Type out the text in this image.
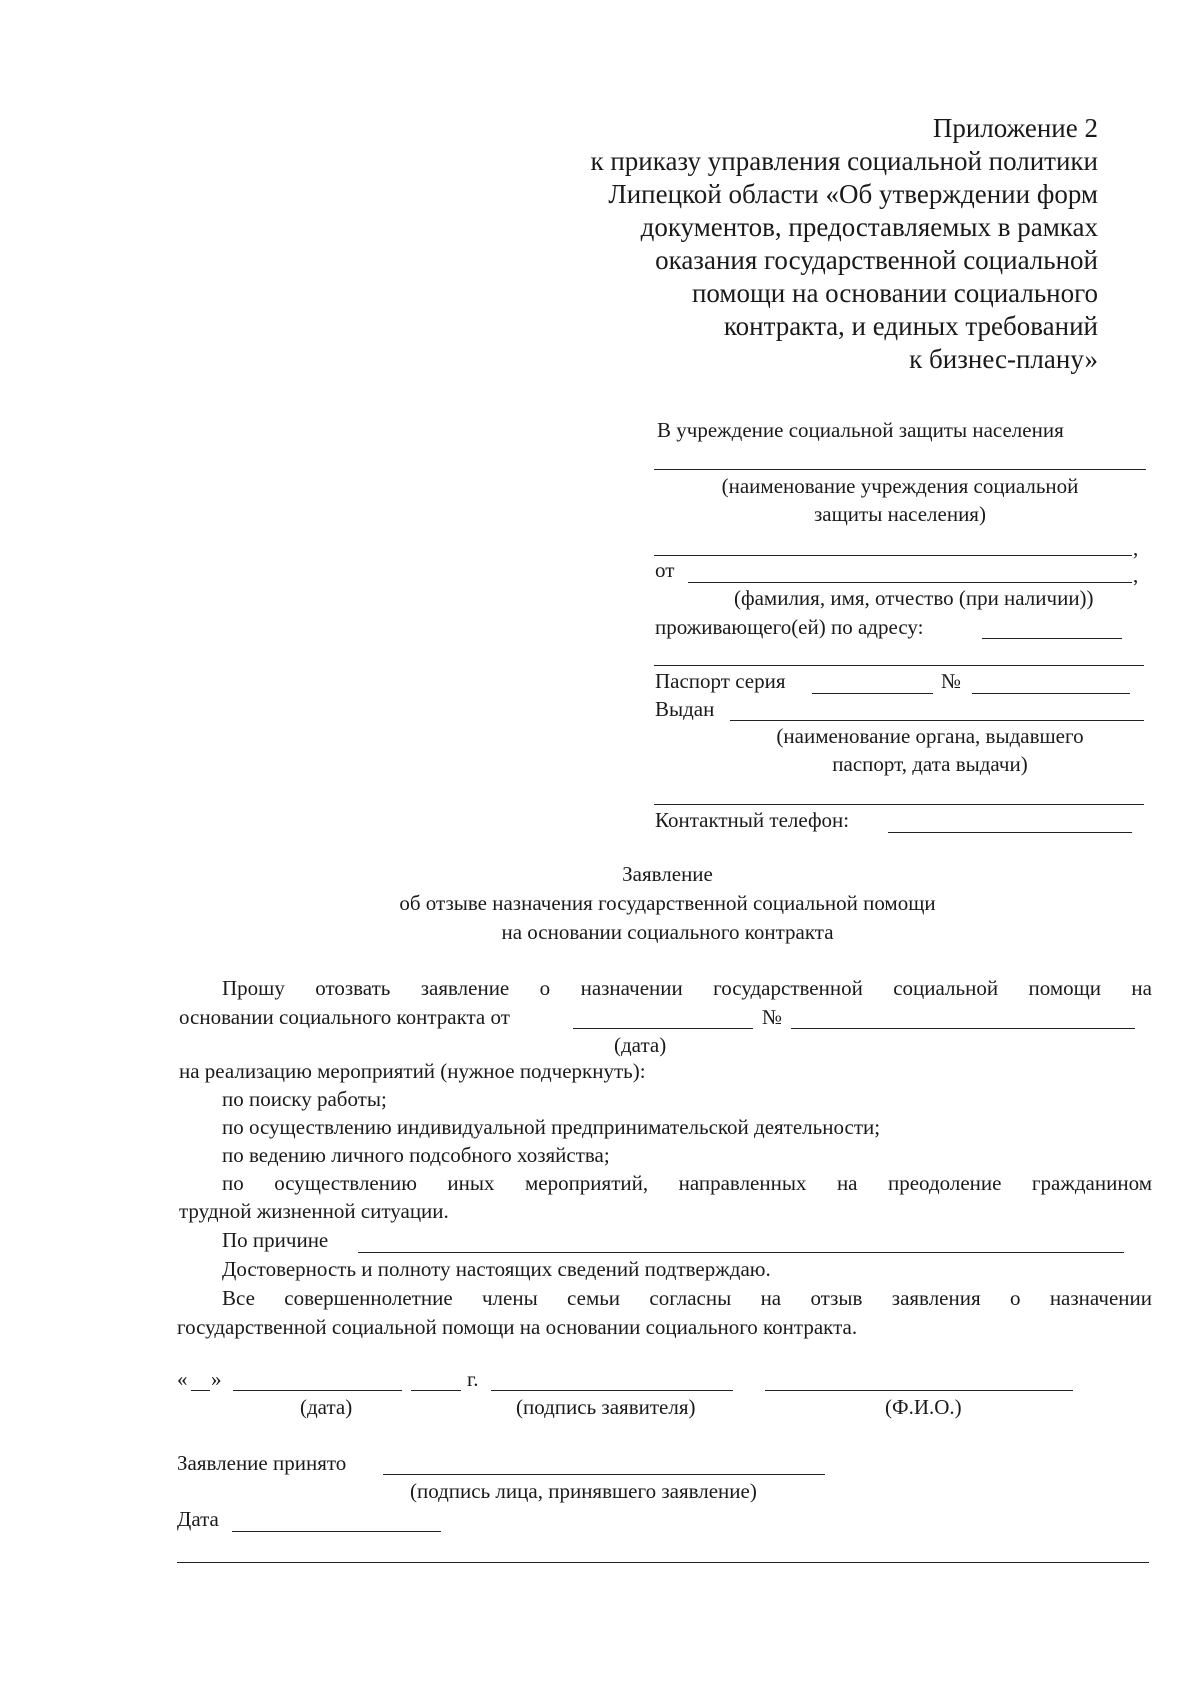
Приложение 2
к приказу управления социальной политики
Липецкой области «Об утверждении форм
документов, предоставляемых в рамках
оказания государственной социальной
помощи на основании социального
контракта, и единых требований
к бизнес-плану»
В учреждение социальной защиты населения
(наименование учреждения социальной
защиты населения)
,
от	,
(фамилия, имя, отчество (при наличии))
проживающего(ей) по адресу:
Паспорт серия	№
Выдан
(наименование органа, выдавшего
паспорт, дата выдачи)
Контактный телефон:
Заявление
об отзыве назначения государственной социальной помощи
на основании социального контракта
Прошу отозвать заявление о назначении государственной социальной помощи на
основании социального контракта от	№
(дата)
на реализацию мероприятий (нужное подчеркнуть):
по поиску работы;
по осуществлению индивидуальной предпринимательской деятельности;
по ведению личного подсобного хозяйства;
по осуществлению иных мероприятий, направленных на преодоление гражданином
трудной жизненной ситуации.
По причине
Достоверность и полноту настоящих сведений подтверждаю.
Все совершеннолетние члены семьи согласны на отзыв заявления о назначении
государственной социальной помощи на основании социального контракта.
« »	г.
(дата)	(подпись заявителя)	(Ф.И.О.)
Заявление принято
(подпись лица, принявшего заявление)
Дата
